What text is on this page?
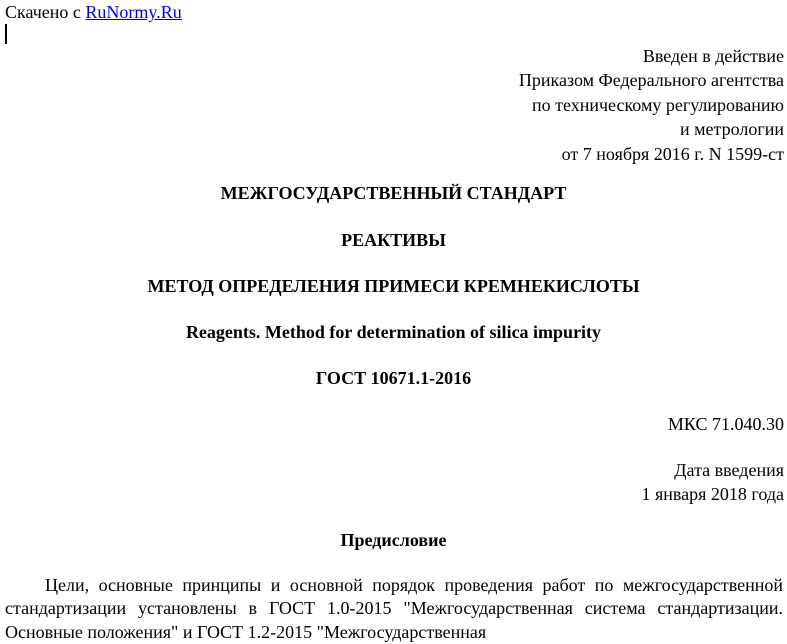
Скачено с RuNormy.Ru
Введен в действие
Приказом Федерального агентства
по техническому регулированию
и метрологии
от 7 ноября 2016 г. N 1599-ст
МЕЖГОСУДАРСТВЕННЫЙ СТАНДАРТ
РЕАКТИВЫ
МЕТОД ОПРЕДЕЛЕНИЯ ПРИМЕСИ КРЕМНЕКИСЛОТЫ
Reagents. Method for determination of silica impurity
ГОСТ 10671.1-2016
МКС 71.040.30
Дата введения
1 января 2018 года
Предисловие
Цели, основные принципы и основной порядок проведения работ по межгосударственной стандартизации установлены в ГОСТ 1.0-2015 "Межгосударственная система стандартизации. Основные положения" и ГОСТ 1.2-2015 "Межгосударственная
